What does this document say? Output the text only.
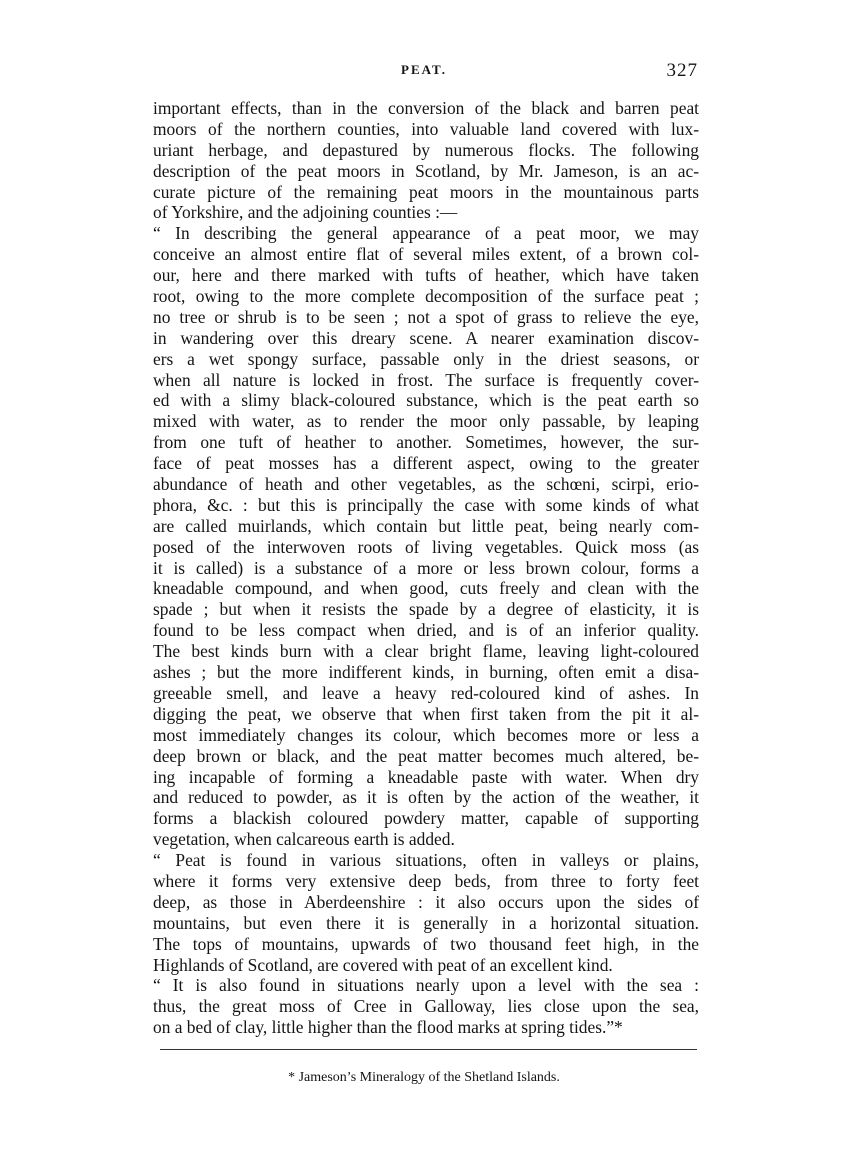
PEAT.	327
important effects, than in the conversion of the black and barren peat
moors of the northern counties, into valuable land covered with lux-
uriant herbage, and depastured by numerous flocks. The following
description of the peat moors in Scotland, by Mr. Jameson, is an ac-
curate picture of the remaining peat moors in the mountainous parts
of Yorkshire, and the adjoining counties :—
“ In describing the general appearance of a peat moor, we may
conceive an almost entire flat of several miles extent, of a brown col-
our, here and there marked with tufts of heather, which have taken
root, owing to the more complete decomposition of the surface peat ;
no tree or shrub is to be seen ; not a spot of grass to relieve the eye,
in wandering over this dreary scene. A nearer examination discov-
ers a wet spongy surface, passable only in the driest seasons, or
when all nature is locked in frost. The surface is frequently cover-
ed with a slimy black-coloured substance, which is the peat earth so
mixed with water, as to render the moor only passable, by leaping
from one tuft of heather to another. Sometimes, however, the sur-
face of peat mosses has a different aspect, owing to the greater
abundance of heath and other vegetables, as the schœni, scirpi, erio-
phora, &c. : but this is principally the case with some kinds of what
are called muirlands, which contain but little peat, being nearly com-
posed of the interwoven roots of living vegetables. Quick moss (as
it is called) is a substance of a more or less brown colour, forms a
kneadable compound, and when good, cuts freely and clean with the
spade ; but when it resists the spade by a degree of elasticity, it is
found to be less compact when dried, and is of an inferior quality.
The best kinds burn with a clear bright flame, leaving light-coloured
ashes ; but the more indifferent kinds, in burning, often emit a disa-
greeable smell, and leave a heavy red-coloured kind of ashes. In
digging the peat, we observe that when first taken from the pit it al-
most immediately changes its colour, which becomes more or less a
deep brown or black, and the peat matter becomes much altered, be-
ing incapable of forming a kneadable paste with water. When dry
and reduced to powder, as it is often by the action of the weather, it
forms a blackish coloured powdery matter, capable of supporting
vegetation, when calcareous earth is added.
“ Peat is found in various situations, often in valleys or plains,
where it forms very extensive deep beds, from three to forty feet
deep, as those in Aberdeenshire : it also occurs upon the sides of
mountains, but even there it is generally in a horizontal situation.
The tops of mountains, upwards of two thousand feet high, in the
Highlands of Scotland, are covered with peat of an excellent kind.
“ It is also found in situations nearly upon a level with the sea :
thus, the great moss of Cree in Galloway, lies close upon the sea,
on a bed of clay, little higher than the flood marks at spring tides.”*
* Jameson’s Mineralogy of the Shetland Islands.
